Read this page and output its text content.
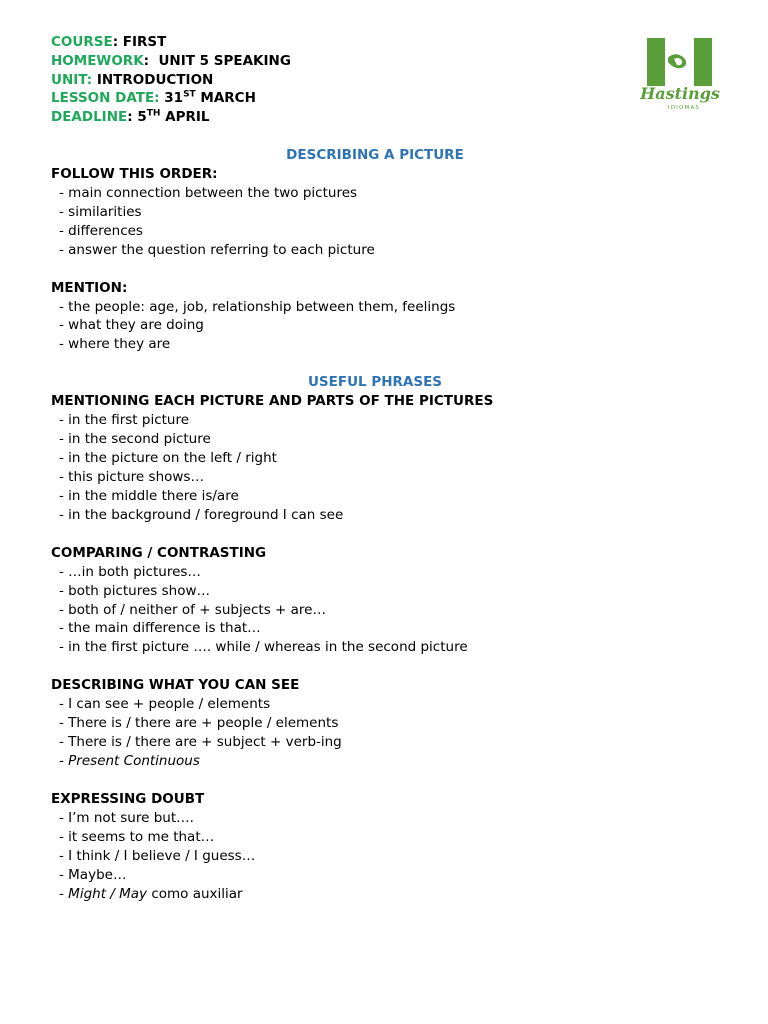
COURSE: FIRST
HOMEWORK:  UNIT 5 SPEAKING
UNIT: INTRODUCTION
LESSON DATE: 31ST MARCH
DEADLINE: 5TH APRIL
Hastings
IDIOMAS
DESCRIBING A PICTURE
FOLLOW THIS ORDER:
- main connection between the two pictures
- similarities
- differences
- answer the question referring to each picture
MENTION:
- the people: age, job, relationship between them, feelings
- what they are doing
- where they are
USEFUL PHRASES
MENTIONING EACH PICTURE AND PARTS OF THE PICTURES
- in the first picture
- in the second picture
- in the picture on the left / right
- this picture shows…
- in the middle there is/are
- in the background / foreground I can see
COMPARING / CONTRASTING
- …in both pictures…
- both pictures show…
- both of / neither of + subjects + are…
- the main difference is that…
- in the first picture …. while / whereas in the second picture
DESCRIBING WHAT YOU CAN SEE
- I can see + people / elements
- There is / there are + people / elements
- There is / there are + subject + verb-ing
- Present Continuous
EXPRESSING DOUBT
- I’m not sure but….
- it seems to me that…
- I think / I believe / I guess…
- Maybe…
- Might / May como auxiliar
